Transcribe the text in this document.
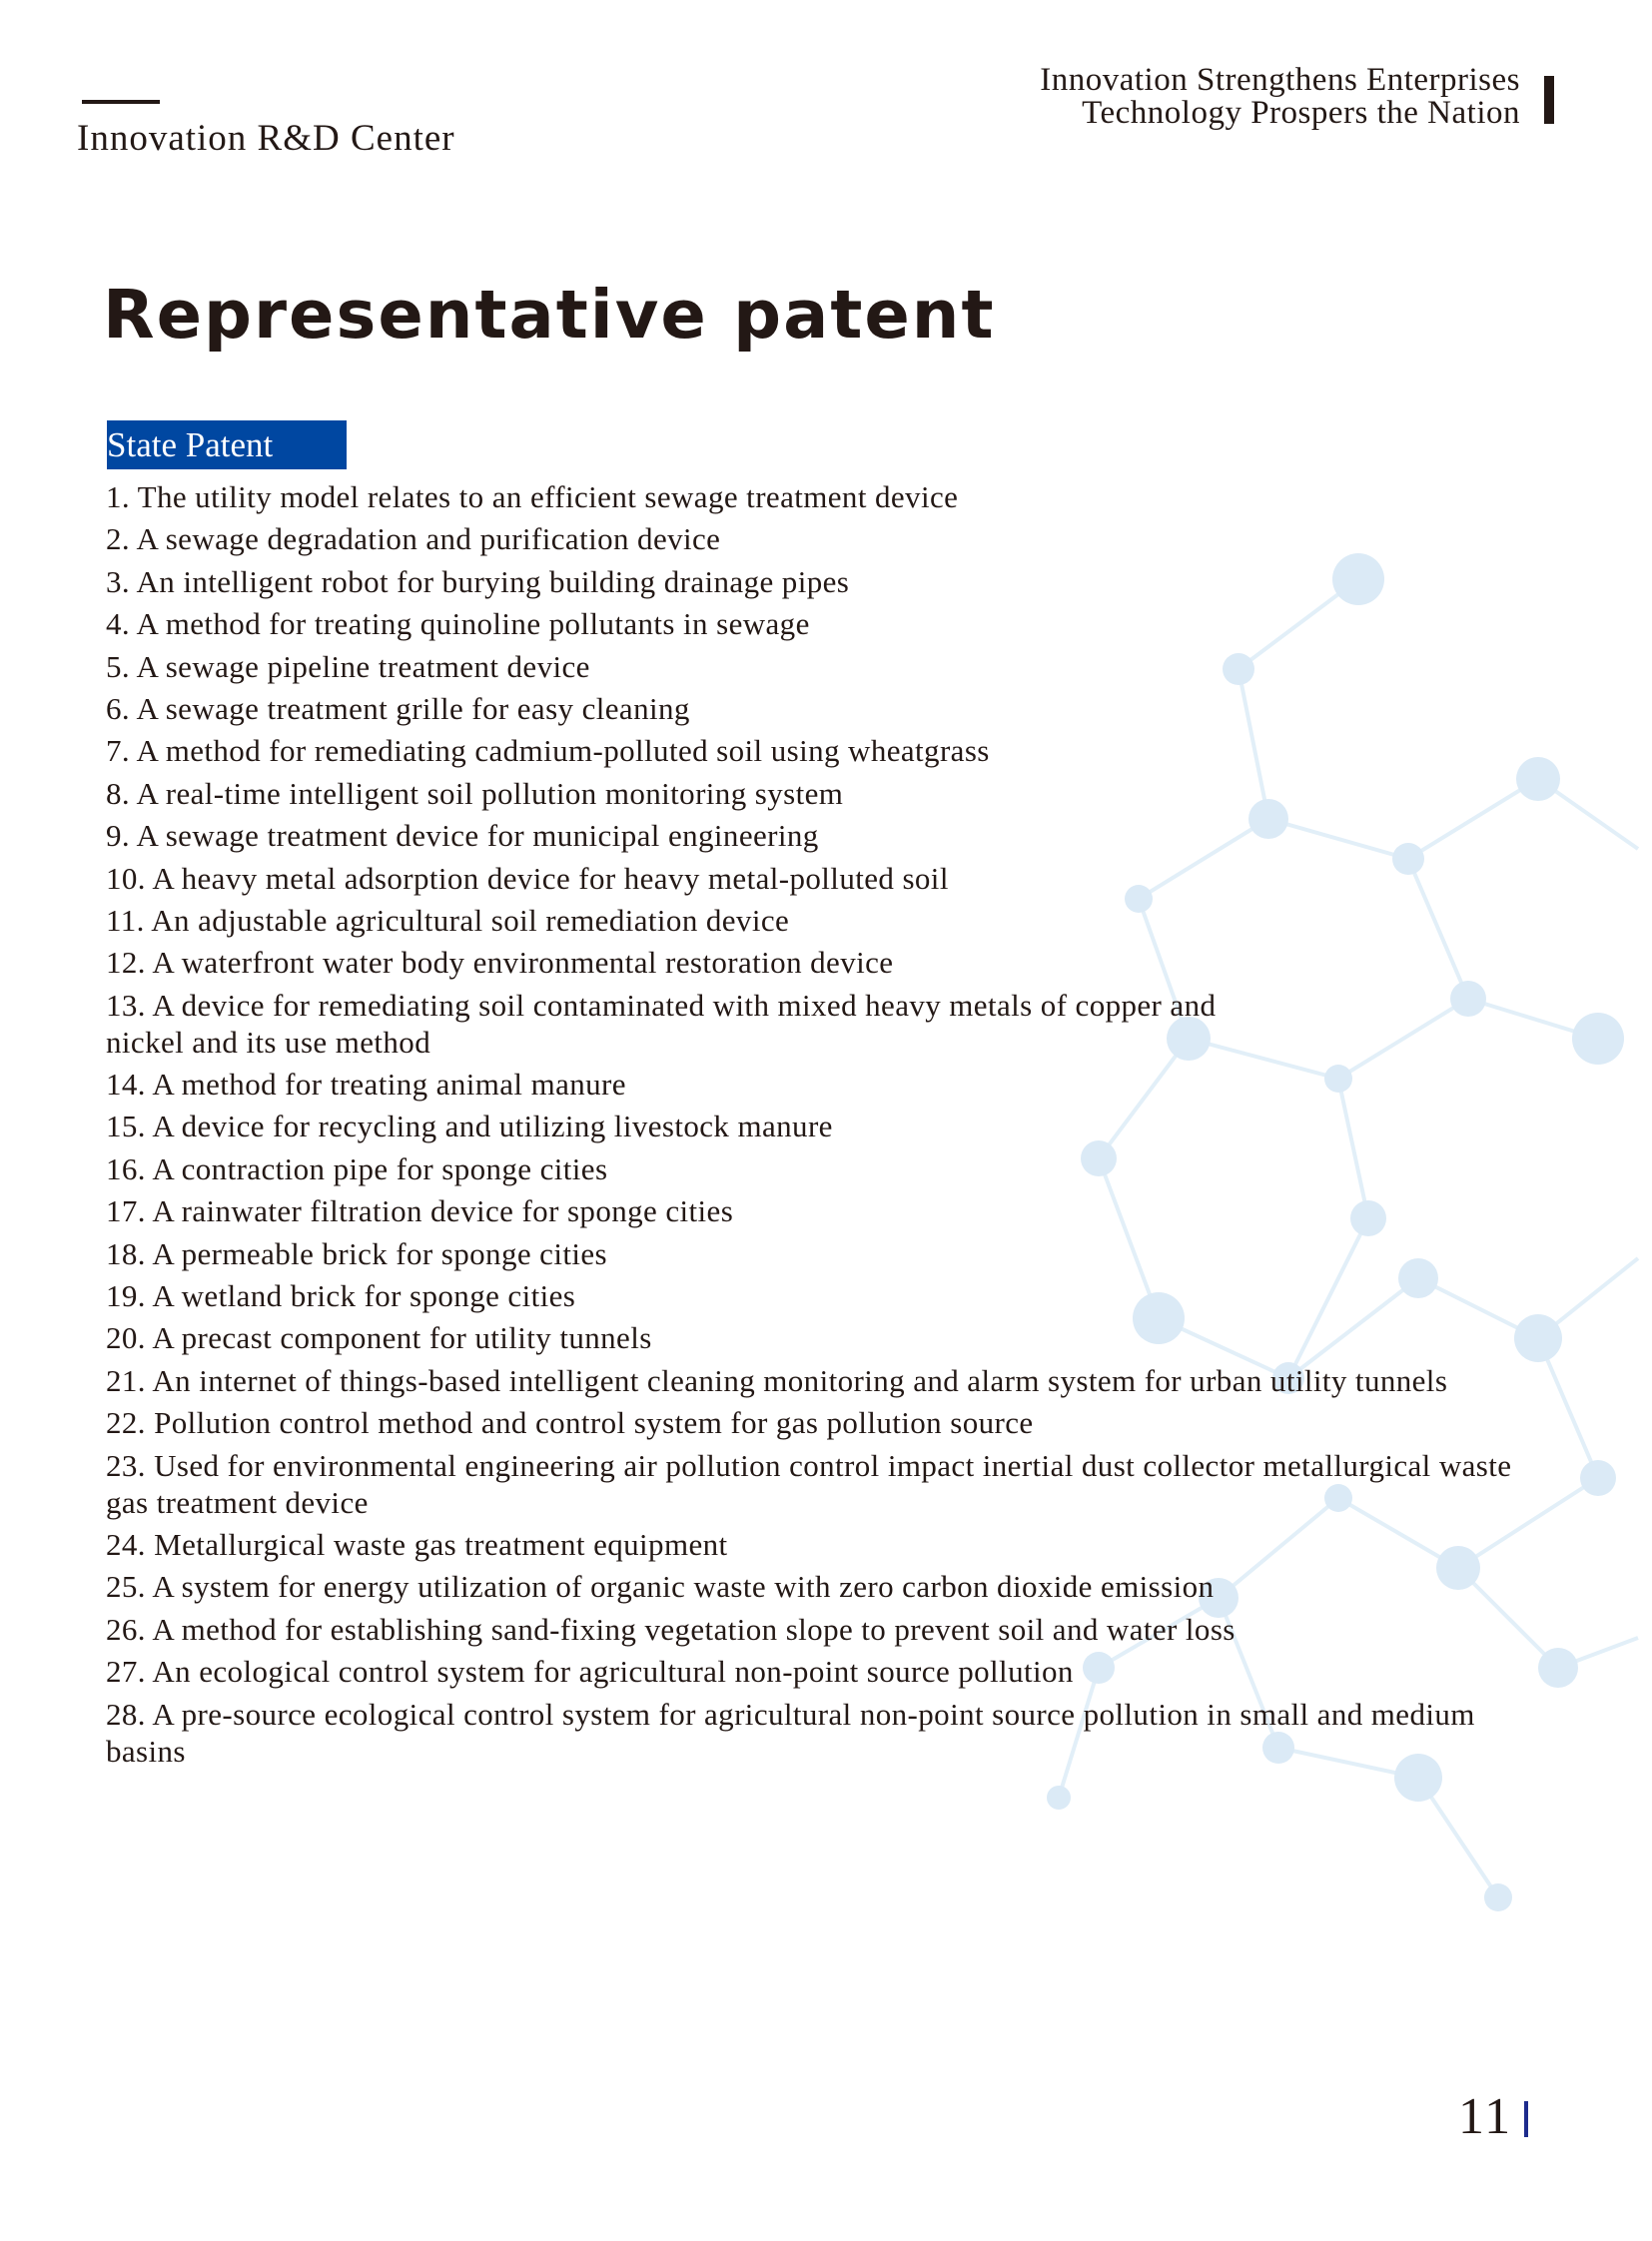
Innovation R&D Center
Innovation Strengthens Enterprises
Technology Prospers the Nation
Representative patent
State Patent
1. The utility model relates to an efficient sewage treatment device
2. A sewage degradation and purification device
3. An intelligent robot for burying building drainage pipes
4. A method for treating quinoline pollutants in sewage
5. A sewage pipeline treatment device
6. A sewage treatment grille for easy cleaning
7. A method for remediating cadmium-polluted soil using wheatgrass
8. A real-time intelligent soil pollution monitoring system
9. A sewage treatment device for municipal engineering
10. A heavy metal adsorption device for heavy metal-polluted soil
11. An adjustable agricultural soil remediation device
12. A waterfront water body environmental restoration device
13. A device for remediating soil contaminated with mixed heavy metals of copper and nickel and its use method
14. A method for treating animal manure
15. A device for recycling and utilizing livestock manure
16. A contraction pipe for sponge cities
17. A rainwater filtration device for sponge cities
18. A permeable brick for sponge cities
19. A wetland brick for sponge cities
20. A precast component for utility tunnels
21. An internet of things-based intelligent cleaning monitoring and alarm system for urban utility tunnels
22. Pollution control method and control system for gas pollution source
23. Used for environmental engineering air pollution control impact inertial dust collector metallurgical waste gas treatment device
24. Metallurgical waste gas treatment equipment
25. A system for energy utilization of organic waste with zero carbon dioxide emission
26. A method for establishing sand-fixing vegetation slope to prevent soil and water loss
27. An ecological control system for agricultural non-point source pollution
28. A pre-source ecological control system for agricultural non-point source pollution in small and medium basins
11
